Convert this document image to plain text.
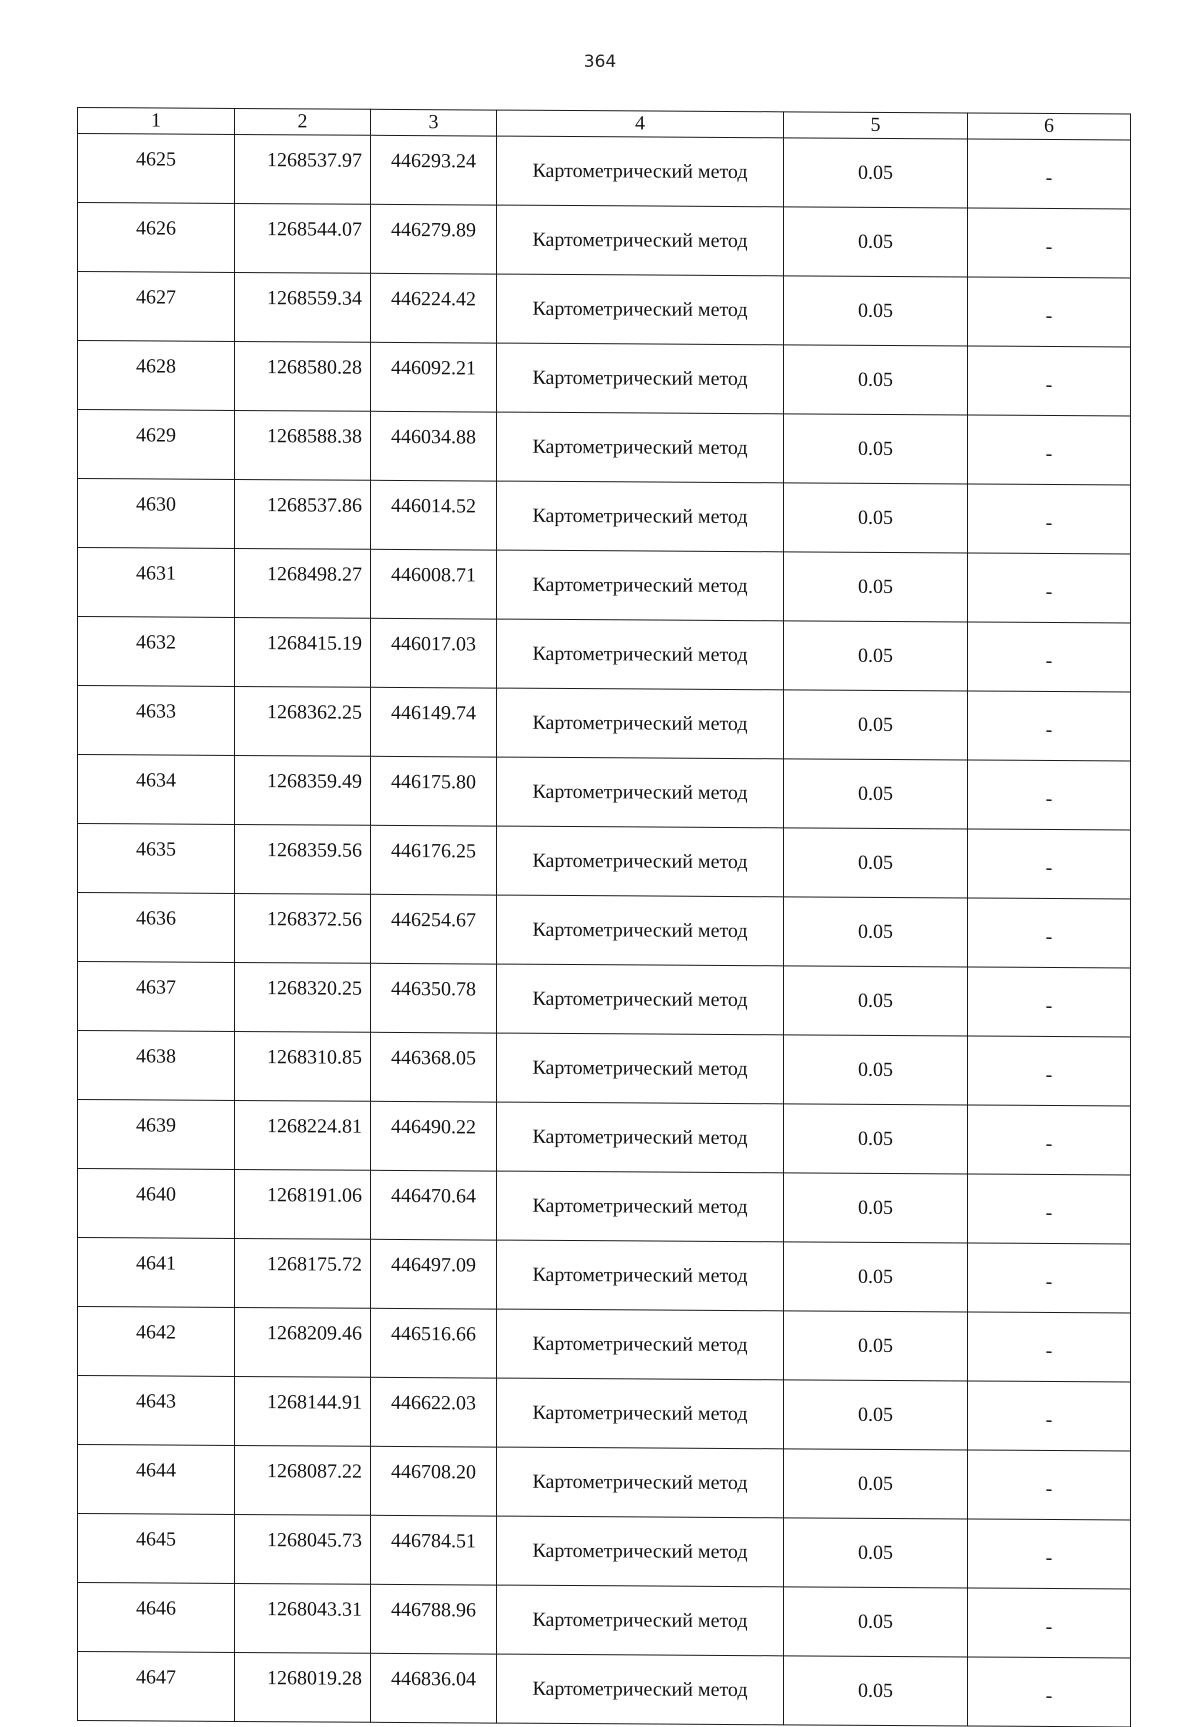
364
1	2	3	4	5	6
4625	1268537.97	446293.24	Картометрический метод	0.05	-
4626	1268544.07	446279.89	Картометрический метод	0.05	-
4627	1268559.34	446224.42	Картометрический метод	0.05	-
4628	1268580.28	446092.21	Картометрический метод	0.05	-
4629	1268588.38	446034.88	Картометрический метод	0.05	-
4630	1268537.86	446014.52	Картометрический метод	0.05	-
4631	1268498.27	446008.71	Картометрический метод	0.05	-
4632	1268415.19	446017.03	Картометрический метод	0.05	-
4633	1268362.25	446149.74	Картометрический метод	0.05	-
4634	1268359.49	446175.80	Картометрический метод	0.05	-
4635	1268359.56	446176.25	Картометрический метод	0.05	-
4636	1268372.56	446254.67	Картометрический метод	0.05	-
4637	1268320.25	446350.78	Картометрический метод	0.05	-
4638	1268310.85	446368.05	Картометрический метод	0.05	-
4639	1268224.81	446490.22	Картометрический метод	0.05	-
4640	1268191.06	446470.64	Картометрический метод	0.05	-
4641	1268175.72	446497.09	Картометрический метод	0.05	-
4642	1268209.46	446516.66	Картометрический метод	0.05	-
4643	1268144.91	446622.03	Картометрический метод	0.05	-
4644	1268087.22	446708.20	Картометрический метод	0.05	-
4645	1268045.73	446784.51	Картометрический метод	0.05	-
4646	1268043.31	446788.96	Картометрический метод	0.05	-
4647	1268019.28	446836.04	Картометрический метод	0.05	-
